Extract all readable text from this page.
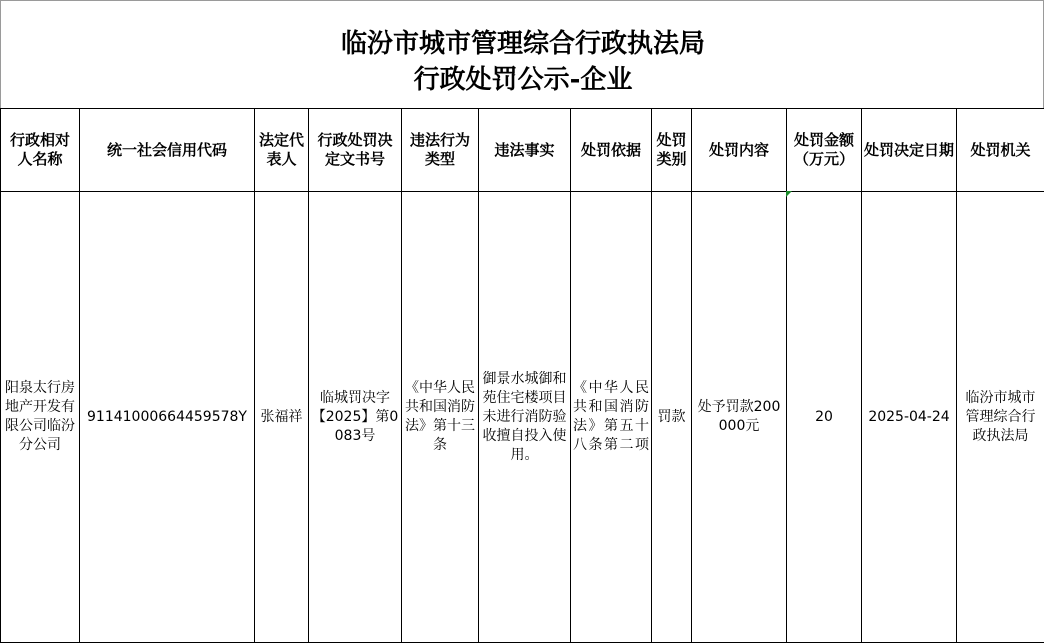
临汾市城市管理综合行政执法局
行政处罚公示-企业
行政相对人名称	统一社会信用代码	法定代表人	行政处罚决定文书号	违法行为类型	违法事实	处罚依据	处罚类别	处罚内容	处罚金额（万元）	处罚决定日期	处罚机关

阳泉太行房地产开发有限公司临汾分公司	91141000664459578Y	张福祥	临城罚决字【2025】第0083号	《中华人民共和国消防法》第十三条	御景水城御和苑住宅楼项目未进行消防验收擅自投入使用。	《中华人民共和国消防法》第五十八条第二项	罚款	处予罚款200000元	20	2025-04-24	临汾市城市管理综合行政执法局
